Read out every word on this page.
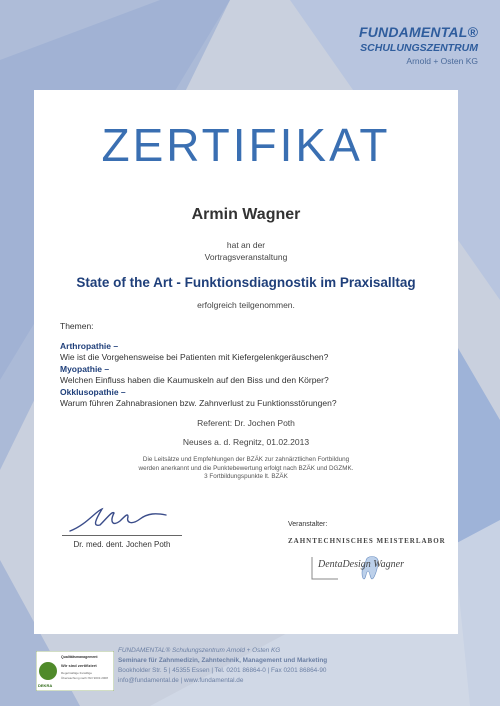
FUNDAMENTAL®
SCHULUNGSZENTRUM
Arnold + Osten KG
ZERTIFIKAT
Armin Wagner
hat an der
Vortragsveranstaltung
State of the Art - Funktionsdiagnostik im Praxisalltag
erfolgreich teilgenommen.
Themen:
Arthropathie –
Wie ist die Vorgehensweise bei Patienten mit Kiefergelenkgeräuschen?
Myopathie –
Welchen Einfluss haben die Kaumuskeln auf den Biss und den Körper?
Okklusopathie –
Warum führen Zahnabrasionen bzw. Zahnverlust zu Funktionsstörungen?
Referent: Dr. Jochen Poth
Neuses a. d. Regnitz, 01.02.2013
Die Leitsätze und Empfehlungen der BZÄK zur zahnärztlichen Fortbildung
werden anerkannt und die Punktebewertung erfolgt nach BZÄK und DGZMK.
3 Fortbildungspunkte lt. BZÄK
Dr. med. dent. Jochen Poth
Veranstalter:
ZAHNTECHNISCHES MEISTERLABOR
DentaDesign Wagner
DEKRA
Qualitätsmanagement
Wir sind zertifiziert
Regelmäßige freiwillige
Überwachung nach ISO 9001:2008
FUNDAMENTAL® Schulungszentrum Arnold + Osten KG
Seminare für Zahnmedizin, Zahntechnik, Management und Marketing
Bookholder Str. 5 | 45355 Essen | Tel. 0201 86864-0 | Fax 0201 86864-90
info@fundamental.de | www.fundamental.de
